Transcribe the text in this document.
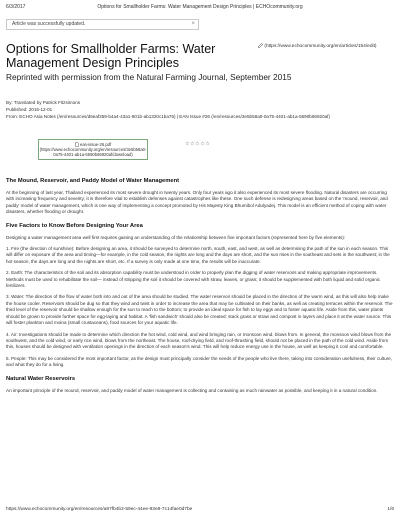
6/3/2017	Options for Smallholder Farms: Water Management Design Principles | ECHOcommunity.org
Article was successfully updated.	×
Options for Smallholder Farms: Water Management Design Principles
(https://www.echocommunity.org/en/articles/154/edit)
Reprinted with permission from the Natural Farming Journal, September 2015
By: Translated by Patrick Fitzsimons
Published: 2015-12-01
From: ECHO Asia Notes (/en/resources/d6eaf359-b4a4-43a1-801b-ab1320c1ba76) | EAN Issue #26 (/en/resources/3e5b58a0-0a75-4401-ab1a-5590b66920af)
ean-issue-26.pdf
(https://www.echocommunity.org/en/resources/3e5b58a0-0a75-4401-ab1a-5590b66920af/download)
☆☆☆☆☆
The Mound, Reservoir, and Paddy Model of Water Management

At the beginning of last year, Thailand experienced its most severe drought in twenty years. Only four years ago it also experienced its most severe flooding. Natural disasters are occurring with increasing frequency and severity; it is therefore vital to establish defenses against catastrophes like these. One such defense is redesigning areas based on the 'mound, reservoir, and paddy' model of water management, which is one way of implementing a concept promoted by His Majesty King Bhumibol Adulyadej. This model is an efficient method of coping with water disasters, whether flooding or drought.

Five Factors to Know Before Designing Your Area

Designing a water management area well first requires gaining an understanding of the relationship between five important factors (represented here by five elements):

1. Fire (the direction of sunshine): Before designing an area, it should be surveyed to determine north, south, east, and west, as well as determining the path of the sun in each season. This will differ on exposure of the area and timing—for example, in the cold season, the nights are long and the days are short, and the sun rises in the southeast and sets in the southwest; in the hot season, the days are long and the nights are short, etc. If a survey is only made at one time, the results will be inaccurate.

2. Earth: The characteristics of the soil and its absorption capability must be understood in order to properly plan the digging of water reservoirs and making appropriate improvements. Methods must be used to rehabilitate the soil— instead of stripping the soil it should be covered with straw, leaves, or grass; it should be supplemented with both liquid and solid organic fertilizers.

3. Water: The direction of the flow of water both into and out of the area should be studied. The water reservoir should be placed in the direction of the warm wind, as this will also help make the house cooler. Reservoirs should be dug so that they wind and twist in order to increase the area that may be cultivated on their banks, as well as creating terraces within the reservoir. The third level of the reservoir should be shallow enough for the sun to reach to the bottom; to provide an ideal space for fish to lay eggs and to foster aquatic life. Aside from this, water plants should be grown to provide further space for egg-laying and habitat. A 'fish sandwich' should also be created: stack grass or straw and compost in layers and place it at the water source. This will foster plankton and moina (small crustaceans), food sources for your aquatic life.

4. Air: Investigations should be made to determine which direction the hot wind, cold wind, and wind bringing rain, or monsoon wind, blows from. In general, the monsoon wind blows from the southwest, and the cold wind, or early rice wind, blows from the northeast. The house, roof-drying field, and roof-thrashing field, should not be placed in the path of the cold wind. Aside from this, houses should be designed with ventilation openings in the direction of each season's wind. This will help reduce energy use in the house, as well as keeping it cool and comfortable.

5. People: This may be considered the most important factor, as the design must principally consider the needs of the people who live there, taking into consideration usefulness, their culture, and what they do for a living.

Natural Water Reservoirs

An important principle of the mound, reservoir, and paddy model of water management is collecting and containing as much rainwater as possible, and keeping it in a natural condition.

https://www.echocommunity.org/en/resources/a97fb4b2-59ec-44ee-83e8-7c14fae0d7be	1/6
